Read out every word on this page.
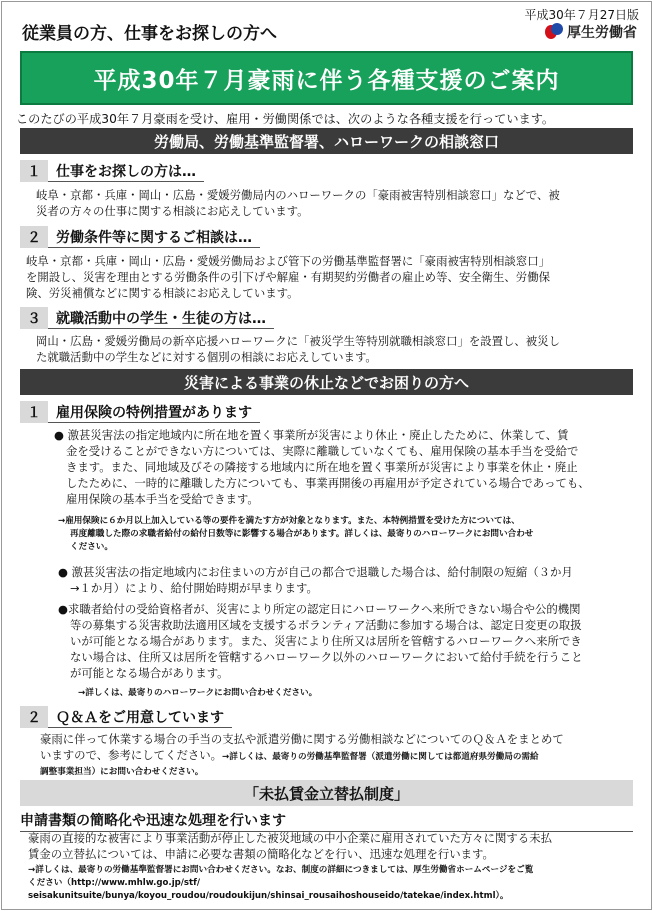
平成30年７月27日版
厚生労働省
従業員の方、仕事をお探しの方へ
平成30年７月豪雨に伴う各種支援のご案内
このたびの平成30年７月豪雨を受け、雇用・労働関係では、次のような各種支援を行っています。
労働局、労働基準監督署、ハローワークの相談窓口
１	仕事をお探しの方は…
岐阜・京都・兵庫・岡山・広島・愛媛労働局内のハローワークの「豪雨被害特別相談窓口」などで、被
災者の方々の仕事に関する相談にお応えしています。
２	労働条件等に関するご相談は…
岐阜・京都・兵庫・岡山・広島・愛媛労働局および管下の労働基準監督署に「豪雨被害特別相談窓口」
を開設し、災害を理由とする労働条件の引下げや解雇・有期契約労働者の雇止め等、安全衛生、労働保
険、労災補償などに関する相談にお応えしています。
３	就職活動中の学生・生徒の方は…
岡山・広島・愛媛労働局の新卒応援ハローワークに「被災学生等特別就職相談窓口」を設置し、被災し
た就職活動中の学生などに対する個別の相談にお応えしています。
災害による事業の休止などでお困りの方へ
１	雇用保険の特例措置があります
● 激甚災害法の指定地域内に所在地を置く事業所が災害により休止・廃止したために、休業して、賃
金を受けることができない方については、実際に離職していなくても、雇用保険の基本手当を受給で
きます。また、同地域及びその隣接する地域内に所在地を置く事業所が災害により事業を休止・廃止
したために、一時的に離職した方についても、事業再開後の再雇用が予定されている場合であっても、
雇用保険の基本手当を受給できます。
→雇用保険に６か月以上加入している等の要件を満たす方が対象となります。また、本特例措置を受けた方については、
再度離職した際の求職者給付の給付日数等に影響する場合があります。詳しくは、最寄りのハローワークにお問い合わせ
ください。
● 激甚災害法の指定地域内にお住まいの方が自己の都合で退職した場合は、給付制限の短縮（３か月
→１か月）により、給付開始時期が早まります。
●求職者給付の受給資格者が、災害により所定の認定日にハローワークへ来所できない場合や公的機関
等の募集する災害救助法適用区域を支援するボランティア活動に参加する場合は、認定日変更の取扱
いが可能となる場合があります。また、災害により住所又は居所を管轄するハローワークへ来所でき
ない場合は、住所又は居所を管轄するハローワーク以外のハローワークにおいて給付手続を行うこと
が可能となる場合があります。
→詳しくは、最寄りのハローワークにお問い合わせください。
２	Ｑ＆Ａをご用意しています
豪雨に伴って休業する場合の手当の支払や派遣労働に関する労働相談などについてのＱ＆Ａをまとめて
いますので、参考にしてください。→詳しくは、最寄りの労働基準監督署（派遣労働に関しては都道府県労働局の需給
調整事業担当）にお問い合わせください。
「未払賃金立替払制度」
申請書類の簡略化や迅速な処理を行います
豪雨の直接的な被害により事業活動が停止した被災地域の中小企業に雇用されていた方々に関する未払
賃金の立替払については、申請に必要な書類の簡略化などを行い、迅速な処理を行います。
→詳しくは、最寄りの労働基準監督署にお問い合わせください。なお、制度の詳細につきましては、厚生労働省ホームページをご覧
ください（http://www.mhlw.go.jp/stf/
seisakunitsuite/bunya/koyou_roudou/roudoukijun/shinsai_rousaihoshouseido/tatekae/index.html）。
